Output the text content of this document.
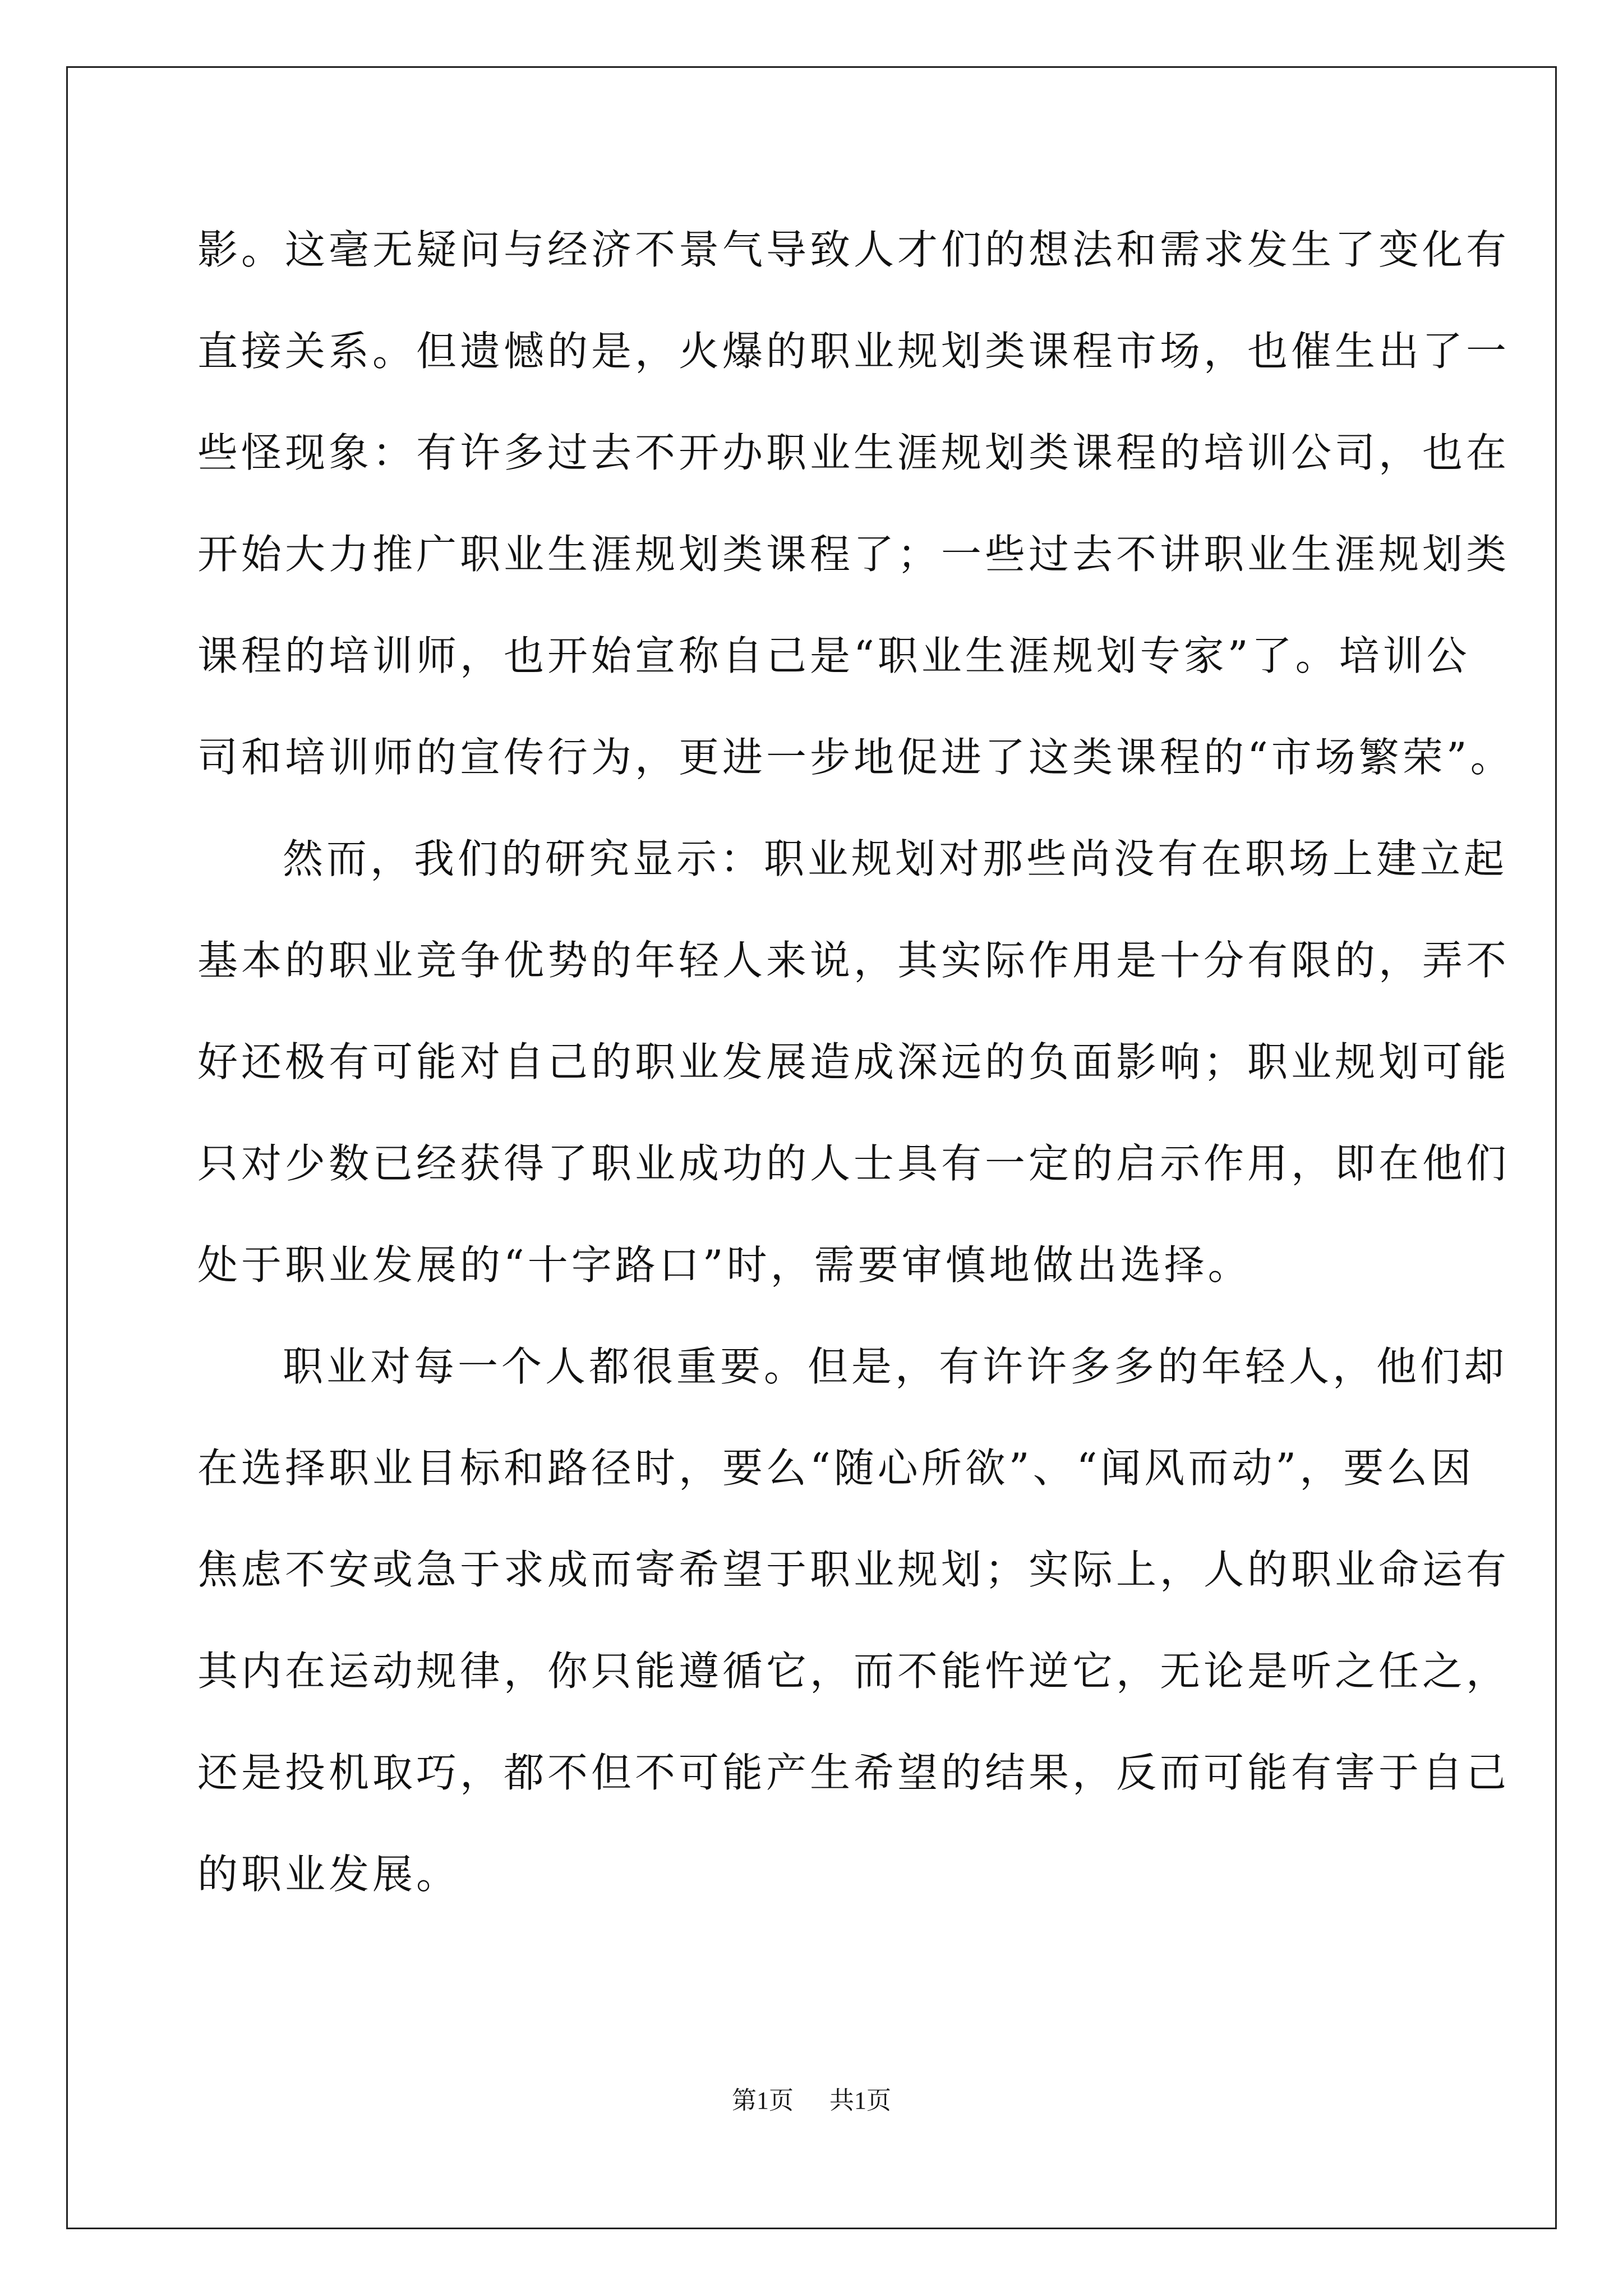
影。这毫无疑问与经济不景气导致人才们的想法和需求发生了变化有
直接关系。但遗憾的是，火爆的职业规划类课程市场，也催生出了一
些怪现象：有许多过去不开办职业生涯规划类课程的培训公司，也在
开始大力推广职业生涯规划类课程了；一些过去不讲职业生涯规划类
课程的培训师，也开始宣称自己是“职业生涯规划专家”了。培训公
司和培训师的宣传行为，更进一步地促进了这类课程的“市场繁荣”。
然而，我们的研究显示：职业规划对那些尚没有在职场上建立起
基本的职业竞争优势的年轻人来说，其实际作用是十分有限的，弄不
好还极有可能对自己的职业发展造成深远的负面影响；职业规划可能
只对少数已经获得了职业成功的人士具有一定的启示作用，即在他们
处于职业发展的“十字路口”时，需要审慎地做出选择。
职业对每一个人都很重要。但是，有许许多多的年轻人，他们却
在选择职业目标和路径时，要么“随心所欲”、“闻风而动”，要么因
焦虑不安或急于求成而寄希望于职业规划；实际上，人的职业命运有
其内在运动规律，你只能遵循它，而不能忤逆它，无论是听之任之，
还是投机取巧，都不但不可能产生希望的结果，反而可能有害于自己
的职业发展。
第1页 共1页
